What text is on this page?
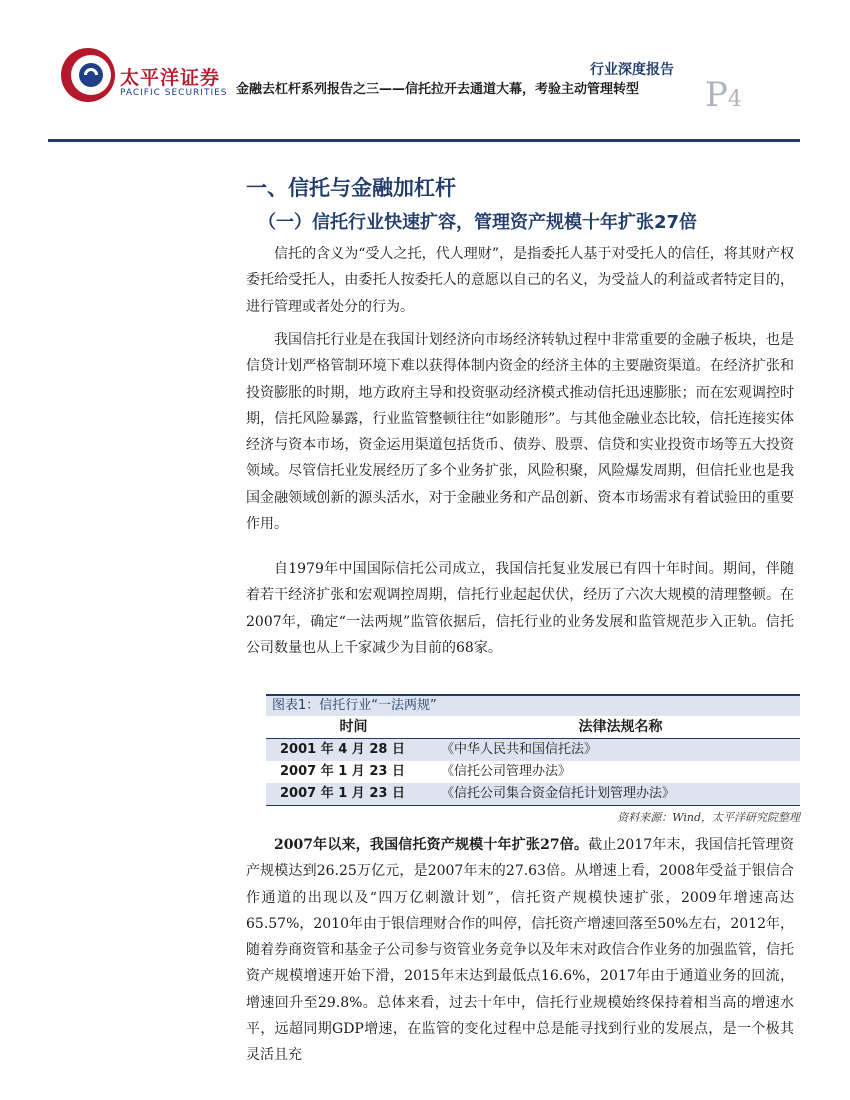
太平洋证券
PACIFIC SECURITIES
行业深度报告
金融去杠杆系列报告之三——信托拉开去通道大幕，考验主动管理转型 P4
一、信托与金融加杠杆
（一）信托行业快速扩容，管理资产规模十年扩张27倍

信托的含义为“受人之托，代人理财”，是指委托人基于对受托人的信任，将其财产权委托给受托人，由委托人按委托人的意愿以自己的名义，为受益人的利益或者特定目的，进行管理或者处分的行为。

我国信托行业是在我国计划经济向市场经济转轨过程中非常重要的金融子板块，也是信贷计划严格管制环境下难以获得体制内资金的经济主体的主要融资渠道。在经济扩张和投资膨胀的时期，地方政府主导和投资驱动经济模式推动信托迅速膨胀；而在宏观调控时期，信托风险暴露，行业监管整顿往往“如影随形”。与其他金融业态比较，信托连接实体经济与资本市场，资金运用渠道包括货币、债券、股票、信贷和实业投资市场等五大投资领域。尽管信托业发展经历了多个业务扩张，风险积聚，风险爆发周期，但信托业也是我国金融领域创新的源头活水，对于金融业务和产品创新、资本市场需求有着试验田的重要作用。

自1979年中国国际信托公司成立，我国信托复业发展已有四十年时间。期间，伴随着若干经济扩张和宏观调控周期，信托行业起起伏伏，经历了六次大规模的清理整顿。在2007年，确定“一法两规”监管依据后，信托行业的业务发展和监管规范步入正轨。信托公司数量也从上千家减少为目前的68家。

图表1：信托行业“一法两规”
时间	法律法规名称
2001 年 4 月 28 日	《中华人民共和国信托法》
2007 年 1 月 23 日	《信托公司管理办法》
2007 年 1 月 23 日	《信托公司集合资金信托计划管理办法》
资料来源：Wind，太平洋研究院整理

2007年以来，我国信托资产规模十年扩张27倍。截止2017年末，我国信托管理资产规模达到26.25万亿元，是2007年末的27.63倍。从增速上看，2008年受益于银信合作通道的出现以及“四万亿刺激计划”，信托资产规模快速扩张，2009年增速高达65.57%，2010年由于银信理财合作的叫停，信托资产增速回落至50%左右，2012年，随着券商资管和基金子公司参与资管业务竞争以及年末对政信合作业务的加强监管，信托资产规模增速开始下滑，2015年末达到最低点16.6%，2017年由于通道业务的回流，增速回升至29.8%。总体来看，过去十年中，信托行业规模始终保持着相当高的增速水平，远超同期GDP增速，在监管的变化过程中总是能寻找到行业的发展点，是一个极其灵活且充
